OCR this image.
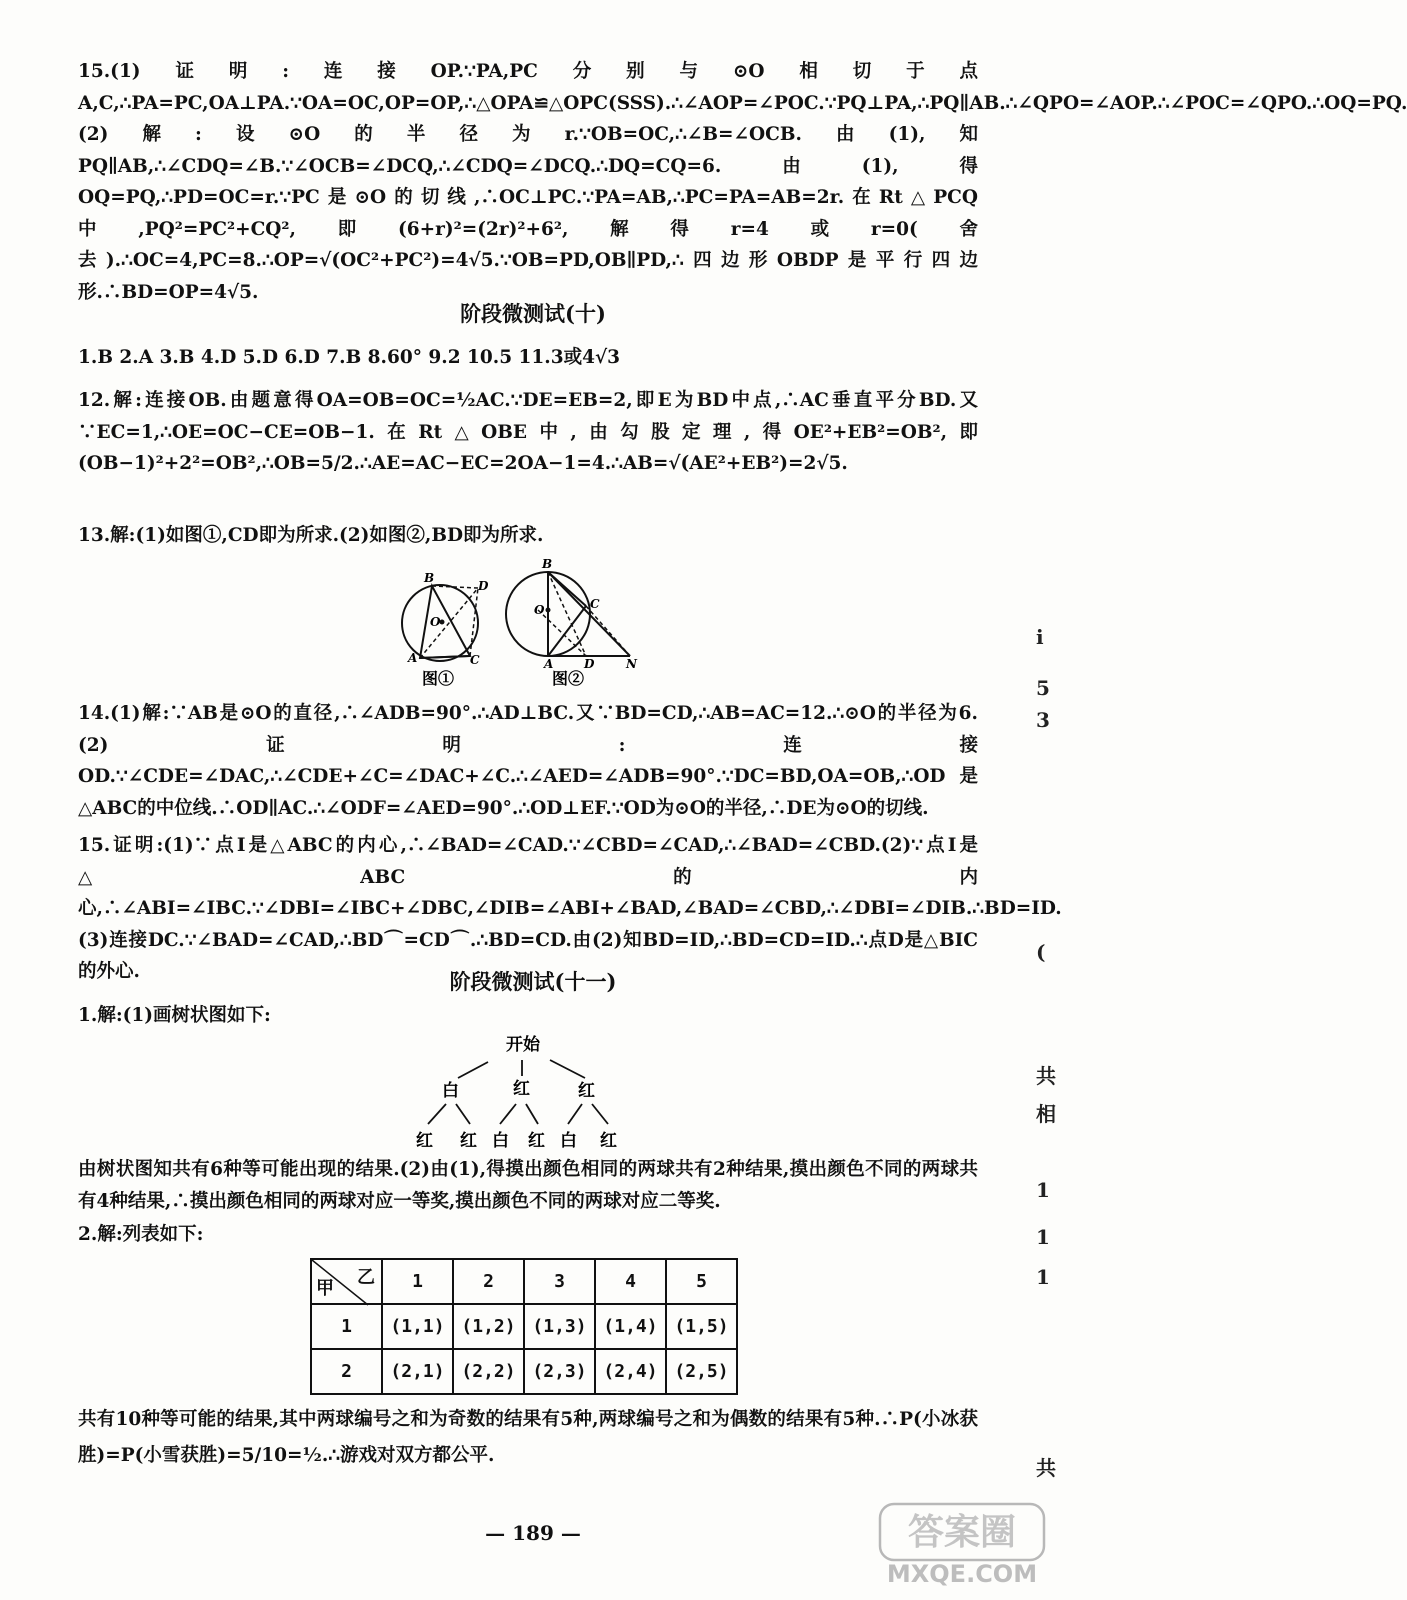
15.(1)证明:连接OP.∵PA,PC分别与⊙O相切于点A,C,∴PA=PC,OA⊥PA.∵OA=OC,OP=OP,∴△OPA≌△OPC(SSS).∴∠AOP=∠POC.∵PQ⊥PA,∴PQ∥AB.∴∠QPO=∠AOP.∴∠POC=∠QPO.∴OQ=PQ.(2)解:设⊙O的半径为r.∵OB=OC,∴∠B=∠OCB.由(1),知PQ∥AB,∴∠CDQ=∠B.∵∠OCB=∠DCQ,∴∠CDQ=∠DCQ.∴DQ=CQ=6.由(1),得OQ=PQ,∴PD=OC=r.∵PC是⊙O的切线,∴OC⊥PC.∵PA=AB,∴PC=PA=AB=2r.在Rt△PCQ中,PQ²=PC²+CQ²,即(6+r)²=(2r)²+6²,解得r=4或r=0(舍去).∴OC=4,PC=8.∴OP=√(OC²+PC²)=4√5.∵OB=PD,OB∥PD,∴四边形OBDP是平行四边形.∴BD=OP=4√5.

阶段微测试(十)
1.B 2.A 3.B 4.D 5.D 6.D 7.B 8.60° 9.2 10.5 11.3或4√3

12.解:连接OB.由题意得OA=OB=OC=½AC.∵DE=EB=2,即E为BD中点,∴AC垂直平分BD.又∵EC=1,∴OE=OC−CE=OB−1.在Rt△OBE中,由勾股定理,得OE²+EB²=OB²,即(OB−1)²+2²=OB²,∴OB=5/2.∴AE=AC−EC=2OA−1=4.∴AB=√(AE²+EB²)=2√5.

13.解:(1)如图①,CD即为所求.(2)如图②,BD即为所求.

B
D
O
A	C
图①
B
C
O
A	D	N
图②

14.(1)解:∵AB是⊙O的直径,∴∠ADB=90°.∴AD⊥BC.又∵BD=CD,∴AB=AC=12.∴⊙O的半径为6.(2)证明:连接OD.∵∠CDE=∠DAC,∴∠CDE+∠C=∠DAC+∠C.∴∠AED=∠ADB=90°.∵DC=BD,OA=OB,∴OD是△ABC的中位线.∴OD∥AC.∴∠ODF=∠AED=90°.∴OD⊥EF.∵OD为⊙O的半径,∴DE为⊙O的切线.

15.证明:(1)∵点I是△ABC的内心,∴∠BAD=∠CAD.∵∠CBD=∠CAD,∴∠BAD=∠CBD.(2)∵点I是△ABC的内心,∴∠ABI=∠IBC.∵∠DBI=∠IBC+∠DBC,∠DIB=∠ABI+∠BAD,∠BAD=∠CBD,∴∠DBI=∠DIB.∴BD=ID.(3)连接DC.∵∠BAD=∠CAD,∴BD⌒=CD⌒.∴BD=CD.由(2)知BD=ID,∴BD=CD=ID.∴点D是△BIC的外心.	阶段微测试(十一)

1.解:(1)画树状图如下:

开始
白	红	红
红 红 白 红 白 红

由树状图知共有6种等可能出现的结果.(2)由(1),得摸出颜色相同的两球共有2种结果,摸出颜色不同的两球共有4种结果,∴摸出颜色相同的两球对应一等奖,摸出颜色不同的两球对应二等奖.

2.解:列表如下:

乙
甲	1	2	3	4	5
1	(1,1)	(1,2)	(1,3)	(1,4)	(1,5)
2	(2,1)	(2,2)	(2,3)	(2,4)	(2,5)

共有10种等可能的结果,其中两球编号之和为奇数的结果有5种,两球编号之和为偶数的结果有5种.∴P(小冰获胜)=P(小雪获胜)=5/10=½.∴游戏对双方都公平.

— 189 —
i
5
3
(
共
相
1
1
1
共
答案圈
MXQE.COM
